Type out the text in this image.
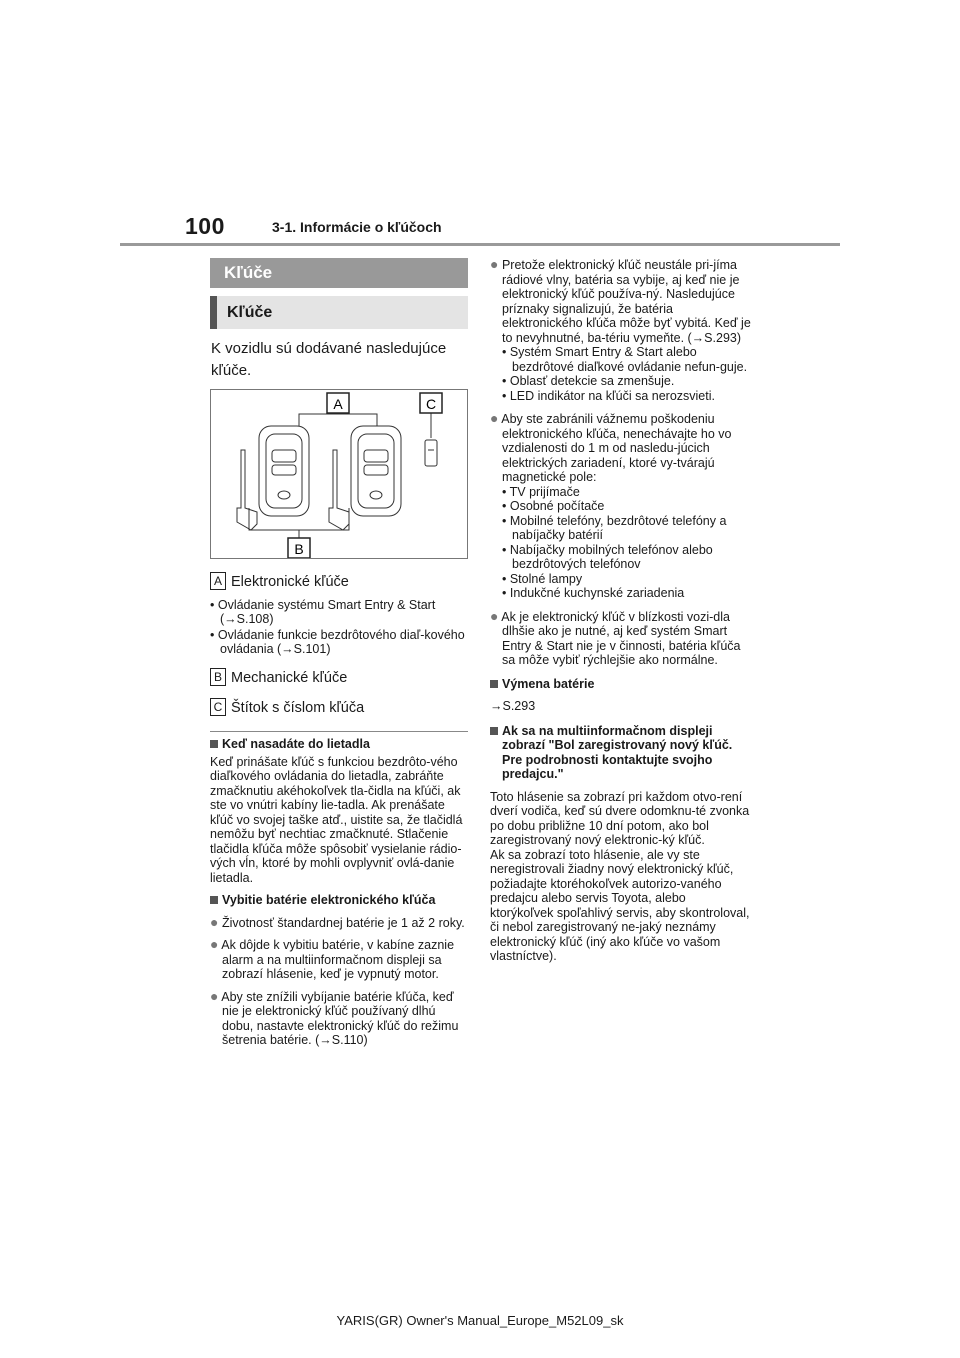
100	3-1. Informácie o kľúčoch
Kľúče
Kľúče
K vozidlu sú dodávané nasledujúce kľúče.
A	C
B
A Elektronické kľúče
• Ovládanie systému Smart Entry & Start (→S.108)
• Ovládanie funkcie bezdrôtového diaľ-kového ovládania (→S.101)
B Mechanické kľúče
C Štítok s číslom kľúča

Keď nasadáte do lietadla

Keď prinášate kľúč s funkciou bezdrôto-vého diaľkového ovládania do lietadla, zabráňte zmačknutiu akéhokoľvek tla-čidla na kľúči, ak ste vo vnútri kabíny lie-tadla. Ak prenášate kľúč vo svojej taške atď., uistite sa, že tlačidlá nemôžu byť nechtiac zmačknuté. Stlačenie tlačidla kľúča môže spôsobiť vysielanie rádio-vých vĺn, ktoré by mohli ovplyvniť ovlá-danie lietadla.

Vybitie batérie elektronického kľúča

● Životnosť štandardnej batérie je 1 až 2 roky.

● Ak dôjde k vybitiu batérie, v kabíne zaznie alarm a na multiinformačnom displeji sa zobrazí hlásenie, keď je vypnutý motor.

● Aby ste znížili vybíjanie batérie kľúča, keď nie je elektronický kľúč používaný dlhú dobu, nastavte elektronický kľúč do režimu šetrenia batérie. (→S.110)

● Pretože elektronický kľúč neustále pri-jíma rádiové vlny, batéria sa vybije, aj keď nie je elektronický kľúč používa-ný. Nasledujúce príznaky signalizujú, že batéria elektronického kľúča môže byť vybitá. Keď je to nevyhnutné, ba-tériu vymeňte. (→S.293)

• Systém Smart Entry & Start alebo bezdrôtové diaľkové ovládanie nefun-guje.
• Oblasť detekcie sa zmenšuje.
• LED indikátor na kľúči sa nerozsvieti.

● Aby ste zabránili vážnemu poškodeniu elektronického kľúča, nenechávajte ho vo vzdialenosti do 1 m od nasledu-júcich elektrických zariadení, ktoré vy-tvárajú magnetické pole:

• TV prijímače
• Osobné počítače
• Mobilné telefóny, bezdrôtové telefóny a nabíjačky batérií
• Nabíjačky mobilných telefónov alebo bezdrôtových telefónov
• Stolné lampy
• Indukčné kuchynské zariadenia

● Ak je elektronický kľúč v blízkosti vozi-dla dlhšie ako je nutné, aj keď systém Smart Entry & Start nie je v činnosti, batéria kľúča sa môže vybiť rýchlejšie ako normálne.

Výmena batérie

→S.293

Ak sa na multiinformačnom displeji zobrazí "Bol zaregistrovaný nový kľúč. Pre podrobnosti kontaktujte svojho predajcu."

Toto hlásenie sa zobrazí pri každom otvo-rení dverí vodiča, keď sú dvere odomknu-té zvonka po dobu približne 10 dní potom, ako bol zaregistrovaný nový elektronic-ký kľúč.

Ak sa zobrazí toto hlásenie, ale vy ste neregistrovali žiadny nový elektronický kľúč, požiadajte ktoréhokoľvek autorizo-vaného predajcu alebo servis Toyota, alebo ktorýkoľvek spoľahlivý servis, aby skontroloval, či nebol zaregistrovaný ne-jaký neznámy elektronický kľúč (iný ako kľúče vo vašom vlastníctve).

YARIS(GR) Owner's Manual_Europe_M52L09_sk
